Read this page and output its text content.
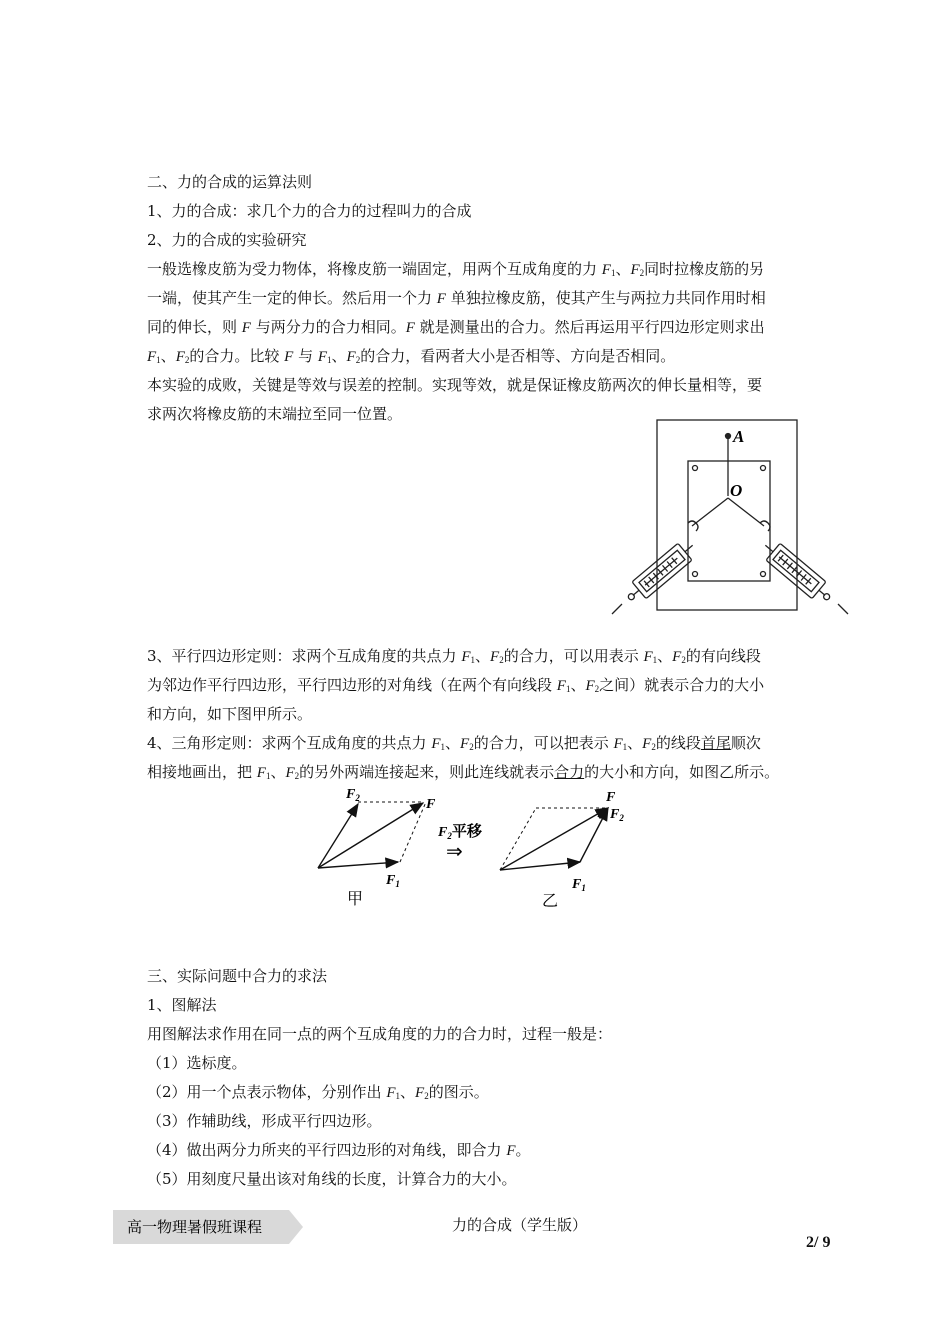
二、力的合成的运算法则
1、力的合成：求几个力的合力的过程叫力的合成
2、力的合成的实验研究
一般选橡皮筋为受力物体，将橡皮筋一端固定，用两个互成角度的力 $F_1$、$F_2$同时拉橡皮筋的另
一端，使其产生一定的伸长。然后用一个力 F 单独拉橡皮筋，使其产生与两拉力共同作用时相
同的伸长，则 F 与两分力的合力相同。F 就是测量出的合力。然后再运用平行四边形定则求出
$F_1$、$F_2$的合力。比较 F 与 $F_1$、$F_2$的合力，看两者大小是否相等、方向是否相同。
本实验的成败，关键是等效与误差的控制。实现等效，就是保证橡皮筋两次的伸长量相等，要
求两次将橡皮筋的末端拉至同一位置。
A
O
3、平行四边形定则：求两个互成角度的共点力 $F_1$、$F_2$的合力，可以用表示 $F_1$、$F_2$的有向线段
为邻边作平行四边形，平行四边形的对角线（在两个有向线段 $F_1$、$F_2$之间）就表示合力的大小
和方向，如下图甲所示。
4、三角形定则：求两个互成角度的共点力 $F_1$、$F_2$的合力，可以把表示 $F_1$、$F_2$的线段首尾顺次
相接地画出，把 $F_1$、$F_2$的另外两端连接起来，则此连线就表示合力的大小和方向，如图乙所示。
$F_2$	F
$F_1$
甲
$F_2$平移
⇒
F
$F_2$
$F_1$
乙
三、实际问题中合力的求法
1、图解法
用图解法求作用在同一点的两个互成角度的力的合力时，过程一般是：
（1）选标度。
（2）用一个点表示物体，分别作出 $F_1$、$F_2$的图示。
（3）作辅助线，形成平行四边形。
（4）做出两分力所夹的平行四边形的对角线，即合力 F。
（5）用刻度尺量出该对角线的长度，计算合力的大小。
高一物理暑假班课程	力的合成（学生版）
2/ 9
